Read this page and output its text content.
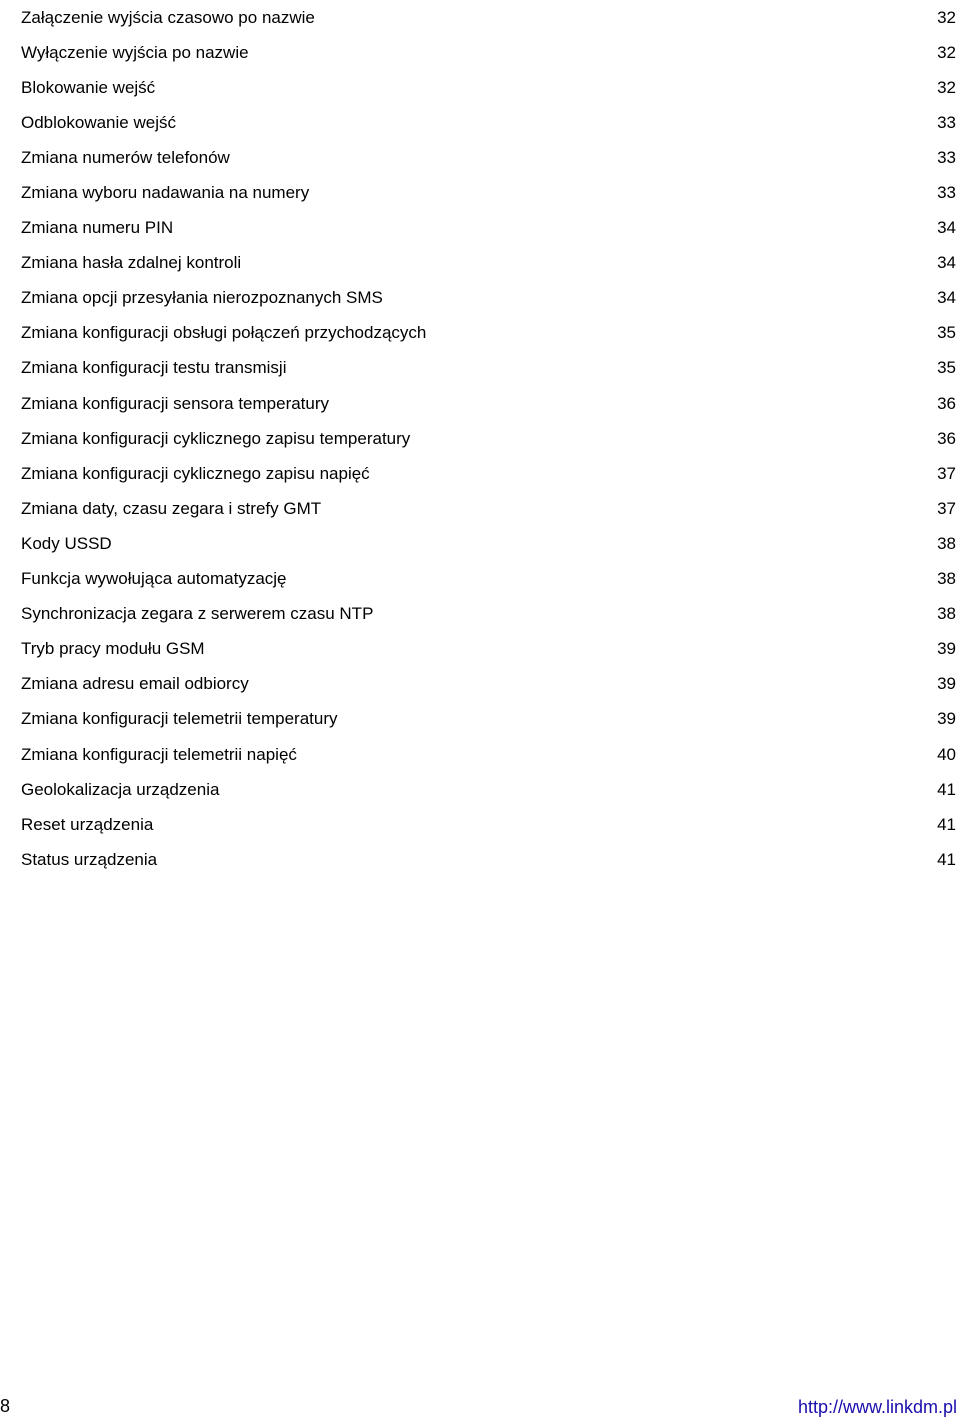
Załączenie wyjścia czasowo po nazwie	32
Wyłączenie wyjścia po nazwie	32
Blokowanie wejść	32
Odblokowanie wejść	33
Zmiana numerów telefonów	33
Zmiana wyboru nadawania na numery	33
Zmiana numeru PIN	34
Zmiana hasła zdalnej kontroli	34
Zmiana opcji przesyłania nierozpoznanych SMS	34
Zmiana konfiguracji obsługi połączeń przychodzących	35
Zmiana konfiguracji testu transmisji	35
Zmiana konfiguracji sensora temperatury	36
Zmiana konfiguracji cyklicznego zapisu temperatury	36
Zmiana konfiguracji cyklicznego zapisu napięć	37
Zmiana daty, czasu zegara i strefy GMT	37
Kody USSD	38
Funkcja wywołująca automatyzację	38
Synchronizacja zegara z serwerem czasu NTP	38
Tryb pracy modułu GSM	39
Zmiana adresu email odbiorcy	39
Zmiana konfiguracji telemetrii temperatury	39
Zmiana konfiguracji telemetrii napięć	40
Geolokalizacja urządzenia	41
Reset urządzenia	41
Status urządzenia	41
8	http://www.linkdm.pl
